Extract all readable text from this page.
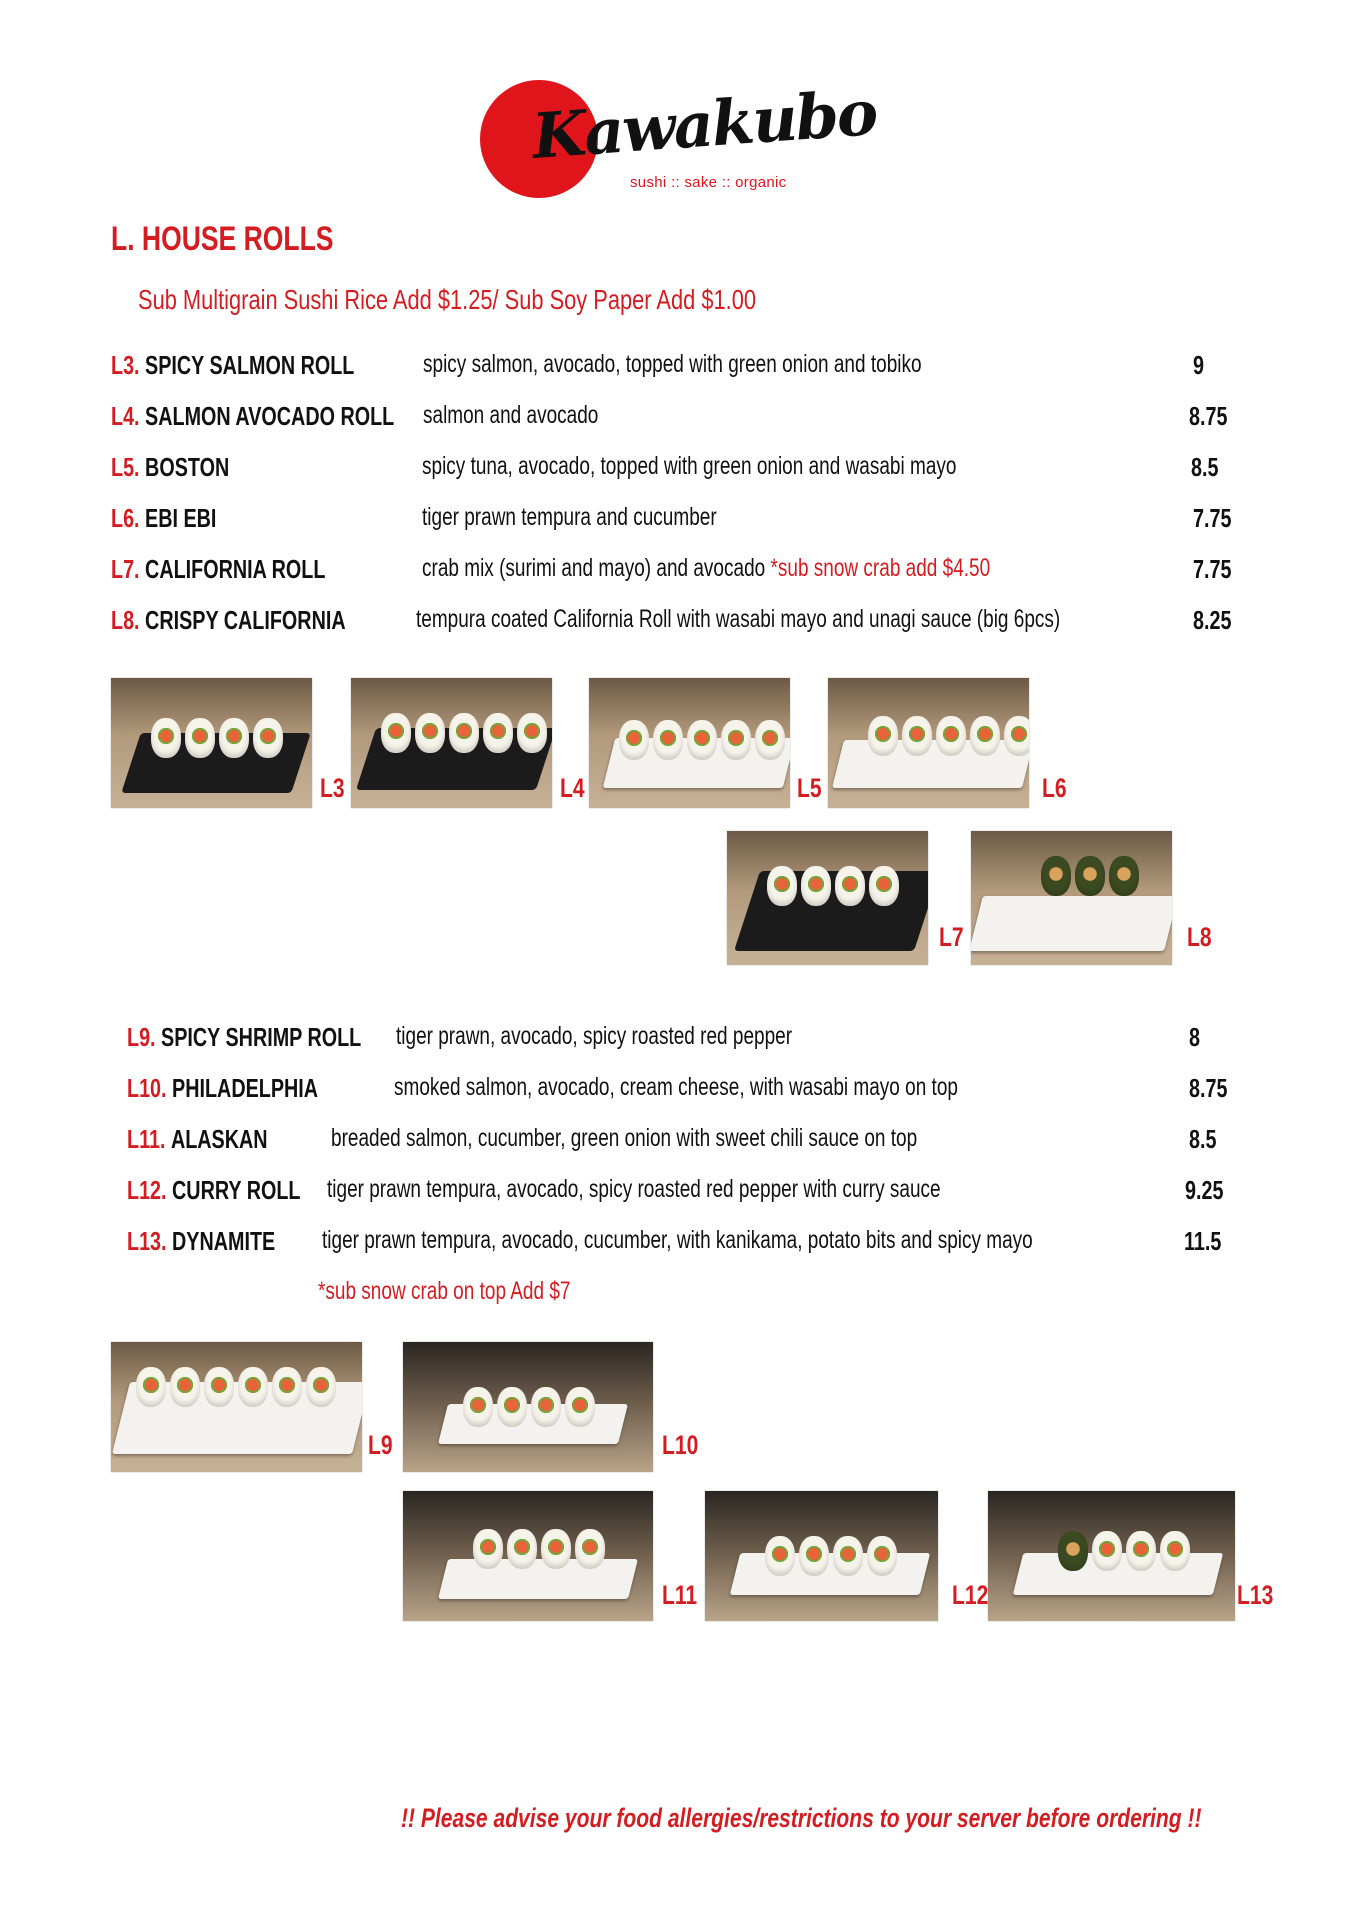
Kawakubo
sushi :: sake :: organic
L. HOUSE ROLLS
Sub Multigrain Sushi Rice Add $1.25/ Sub Soy Paper Add $1.00
L3. SPICY SALMON ROLL	spicy salmon, avocado, topped with green onion and tobiko	9
L4. SALMON AVOCADO ROLL salmon and avocado	8.75
L5. BOSTON	spicy tuna, avocado, topped with green onion and wasabi mayo	8.5
L6. EBI EBI	tiger prawn tempura and cucumber	7.75
L7. CALIFORNIA ROLL	crab mix (surimi and mayo) and avocado *sub snow crab add $4.50	7.75
L8. CRISPY CALIFORNIA	tempura coated California Roll with wasabi mayo and unagi sauce (big 6pcs)	8.25
L3	L4	L5	L6
L7	L8
L9. SPICY SHRIMP ROLL tiger prawn, avocado, spicy roasted red pepper	8
L10. PHILADELPHIA	smoked salmon, avocado, cream cheese, with wasabi mayo on top	8.75
L11. ALASKAN	breaded salmon, cucumber, green onion with sweet chili sauce on top	8.5
L12. CURRY ROLL tiger prawn tempura, avocado, spicy roasted red pepper with curry sauce	9.25
L13. DYNAMITE tiger prawn tempura, avocado, cucumber, with kanikama, potato bits and spicy mayo	11.5
*sub snow crab on top Add $7
L9	L10
L11	L12	L13
!! Please advise your food allergies/restrictions to your server before ordering !!
